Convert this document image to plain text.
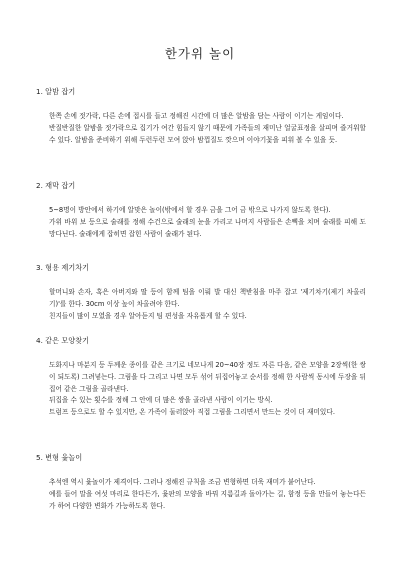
한가위 놀이
1. 알밤 잡기

한쪽 손에 젓가락, 다른 손에 접시를 들고 정해진 시간에 더 많은 알밤을 담는 사람이 이기는 게임이다.

반질반질한 알밤을 젓가락으로 집기가 여간 힘들지 않기 때문에 가족들의 재미난 얼굴표정을 살피며 즐거워할 수 있다. 알밤을 준비하기 위해 두런두런 모여 앉아 밤껍질도 깟으며 이야기꽃을 피워 볼 수 있을 듯.

2. 재막 잡기

5~8명이 방안에서 하기에 알맞은 놀이(밖에서 할 경우 금을 그어 금 밖으로 나가지 않도록 한다).

가위 바위 보 등으로 술래를 정해 수건으로 술래의 눈을 가리고 나머지 사람들은 손뼉을 치며 술래를 피해 도망다닌다. 술래에게 잡히면 잡힌 사람이 술래가 된다.

3. 형용 제기차기

할머니와 손자, 혹은 아버지와 딸 등이 함께 팀을 이뤄 발 대신 책받침을 마주 잡고 '제기차기(제기 차올리기)'를 한다. 30cm 이상 높이 차올려야 한다.

친지들이 많이 모였을 경우 알아듣지 팀 편성을 자유롭게 할 수 있다.

4. 같은 모양찾기

도화지나 마분지 등 두께운 종이를 같은 크기로 네모나게 20~40장 정도 자른 다음, 같은 모양을 2장씩(한 쌍이 되도록) 그려넣는다. 그림을 다 그리고 나면 모두 섞어 뒤집어놓고 순서를 정해 한 사람씩 동시에 두장을 뒤집어 같은 그림을 골라낸다.

뒤집을 수 있는 횟수를 정해 그 안에 더 많은 쌍을 골라낸 사람이 이기는 방식.

트럼프 등으로도 할 수 있지만, 온 가족이 둘러앉아 직접 그림을 그리면서 만드는 것이 더 재미있다.

5. 변형 윷놀이

추석엔 역시 윷놀이가 제격이다. 그러나 정해진 규칙을 조금 변형하면 더욱 재미가 붙어난다.

예를 들어 말을 여섯 마리로 한다든가, 윷판의 모양을 바꿔 지름길과 돌아가는 길, 함정 등을 만들어 놓는다든가 하여 다양한 변화가 가능하도록 한다.
